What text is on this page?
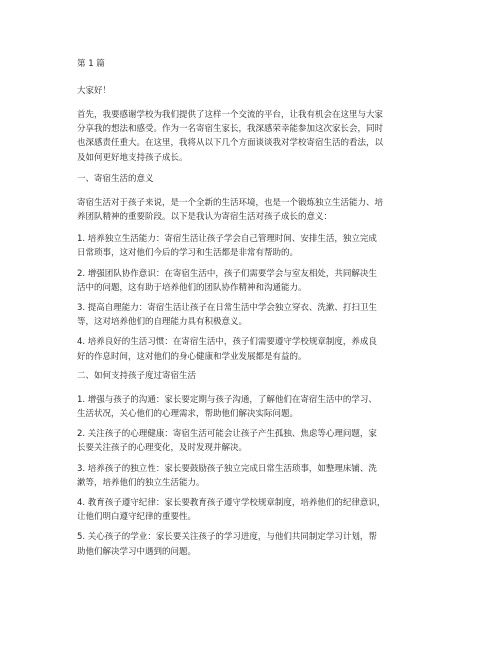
第 1 篇
大家好！
首先，我要感谢学校为我们提供了这样一个交流的平台，让我有机会在这里与大家
分享我的想法和感受。作为一名寄宿生家长，我深感荣幸能参加这次家长会，同时
也深感责任重大。在这里，我将从以下几个方面谈谈我对学校寄宿生活的看法，以
及如何更好地支持孩子成长。
一、寄宿生活的意义
寄宿生活对于孩子来说，是一个全新的生活环境，也是一个锻炼独立生活能力、培
养团队精神的重要阶段。以下是我认为寄宿生活对孩子成长的意义：
1. 培养独立生活能力：寄宿生活让孩子学会自己管理时间、安排生活，独立完成
日常琐事，这对他们今后的学习和生活都是非常有帮助的。
2. 增强团队协作意识：在寄宿生活中，孩子们需要学会与室友相处，共同解决生
活中的问题，这有助于培养他们的团队协作精神和沟通能力。
3. 提高自理能力：寄宿生活让孩子在日常生活中学会独立穿衣、洗漱、打扫卫生
等，这对培养他们的自理能力具有积极意义。
4. 培养良好的生活习惯：在寄宿生活中，孩子们需要遵守学校规章制度，养成良
好的作息时间，这对他们的身心健康和学业发展都是有益的。
二、如何支持孩子度过寄宿生活
1. 增强与孩子的沟通：家长要定期与孩子沟通，了解他们在寄宿生活中的学习、
生活状况，关心他们的心理需求，帮助他们解决实际问题。
2. 关注孩子的心理健康：寄宿生活可能会让孩子产生孤独、焦虑等心理问题，家
长要关注孩子的心理变化，及时发现并解决。
3. 培养孩子的独立性：家长要鼓励孩子独立完成日常生活琐事，如整理床铺、洗
漱等，培养他们的独立生活能力。
4. 教育孩子遵守纪律：家长要教育孩子遵守学校规章制度，培养他们的纪律意识，
让他们明白遵守纪律的重要性。
5. 关心孩子的学业：家长要关注孩子的学习进度，与他们共同制定学习计划，帮
助他们解决学习中遇到的问题。
